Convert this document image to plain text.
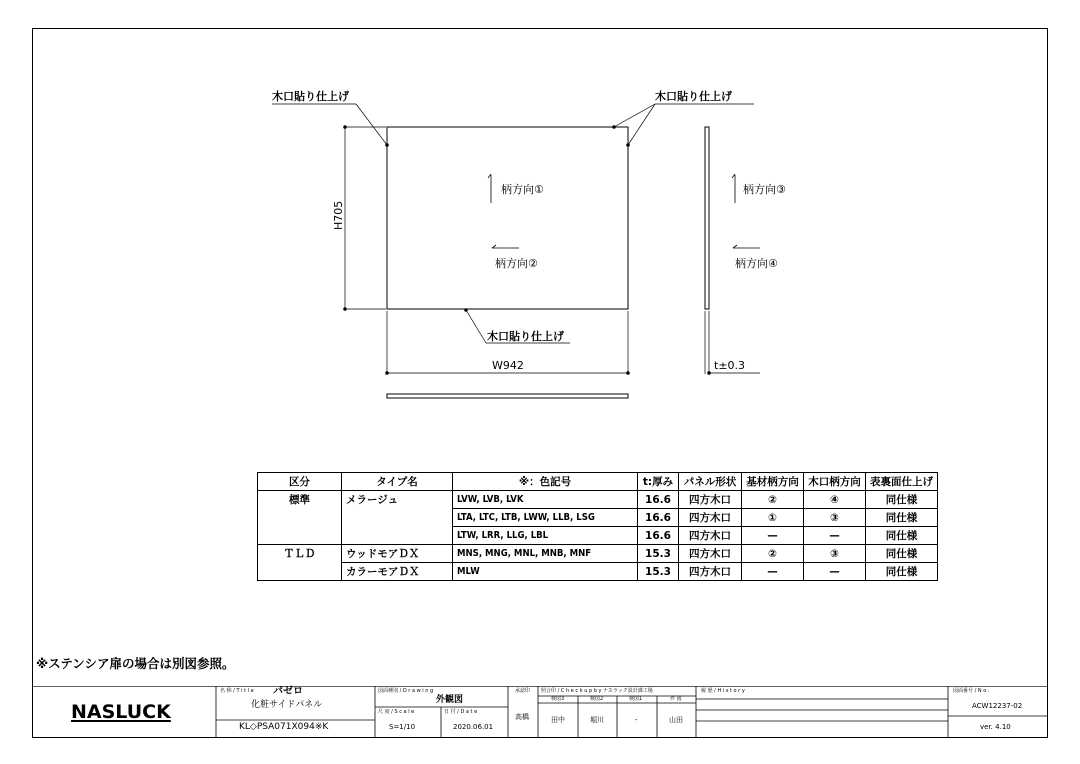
木口貼り仕上げ	木口貼り仕上げ
木口貼り仕上げ
H705
W942	t±0.3
柄方向①
柄方向②
柄方向③
柄方向④
区分	タイプ名	※：色記号	t:厚み	パネル形状	基材柄方向	木口柄方向	表裏面仕上げ
標準	メラージュ	LVW, LVB, LVK	16.6	四方木口	②	④	同仕様
		LTA, LTC, LTB, LWW, LLB, LSG	16.6	四方木口	①	③	同仕様
		LTW, LRR, LLG, LBL	16.6	四方木口	—	—	同仕様
ＴＬＤ	ウッドモアＤＸ	MNS, MNG, MNL, MNB, MNF	15.3	四方木口	②	③	同仕様
	カラーモアＤＸ	MLW	15.3	四方木口	—	—	同仕様
※ステンシア扉の場合は別図参照。
NASLUCK
名 称 / T i t l e パゼロ
化粧サイドパネル
KL◇PSA071X094※K
図面種別 / D r a w i n g
外観図
尺 度 / S c a l e
S=1/10
日 付 / D a t e
2020.06.01
承認印
高橋
照合印 / C h e c k u p b y ナスラック設計課工場
検図3	検図2	検図1	作 図
田中	堀川	-	山田
履 歴 / H i s t o r y	図面番号 / N o .
ACW12237-02
ver. 4.10
